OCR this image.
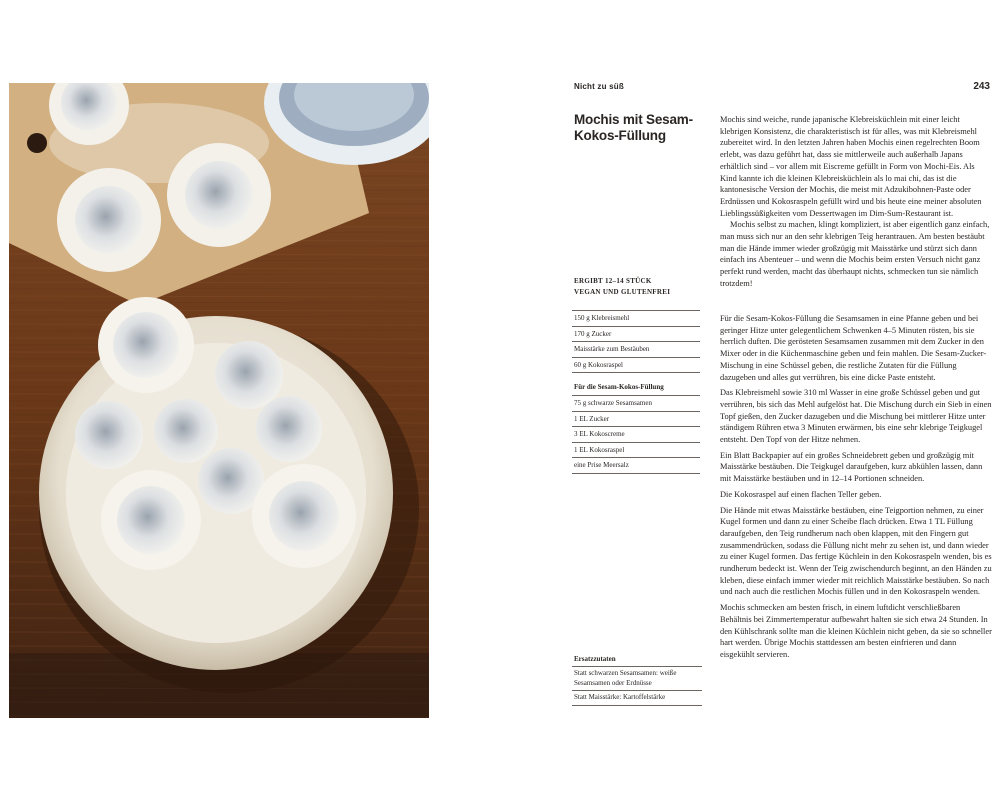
Nicht zu süß	243
Mochis mit Sesam-Kokos-Füllung

Mochis sind weiche, runde japanische Klebreisküchlein mit einer leicht klebrigen Konsistenz, die charakteristisch ist für alles, was mit Klebreismehl zubereitet wird. In den letzten Jahren haben Mochis einen regelrechten Boom erlebt, was dazu geführt hat, dass sie mittlerweile auch außerhalb Japans erhältlich sind – vor allem mit Eiscreme gefüllt in Form von Mochi-Eis. Als Kind kannte ich die kleinen Klebreisküchlein als lo mai chi, das ist die kantonesische Version der Mochis, die meist mit Adzukibohnen-Paste oder Erdnüssen und Kokosraspeln gefüllt wird und bis heute eine meiner absoluten Lieblingssüßigkeiten vom Dessertwagen im Dim-Sum-Restaurant ist.

Mochis selbst zu machen, klingt kompliziert, ist aber eigentlich ganz einfach, man muss sich nur an den sehr klebrigen Teig herantrauen. Am besten bestäubt man die Hände immer wieder großzügig mit Maisstärke und stürzt sich dann einfach ins Abenteuer – und wenn die Mochis beim ersten Versuch nicht ganz perfekt rund werden, macht das überhaupt nichts, schmecken tun sie nämlich trotzdem!

ERGIBT 12–14 STÜCK
VEGAN UND GLUTENFREI
150 g Klebreismehl
170 g Zucker
Maisstärke zum Bestäuben
60 g Kokosraspel
Für die Sesam-Kokos-Füllung
75 g schwarze Sesamsamen
1 EL Zucker
3 EL Kokoscreme
1 EL Kokosraspel
eine Prise Meersalz

Für die Sesam-Kokos-Füllung die Sesamsamen in eine Pfanne geben und bei geringer Hitze unter gelegentlichem Schwenken 4–5 Minuten rösten, bis sie herrlich duften. Die gerösteten Sesamsamen zusammen mit dem Zucker in den Mixer oder in die Küchenmaschine geben und fein mahlen. Die Sesam-Zucker-Mischung in eine Schüssel geben, die restliche Zutaten für die Füllung dazugeben und alles gut verrühren, bis eine dicke Paste entsteht.

Das Klebreismehl sowie 310 ml Wasser in eine große Schüssel geben und gut verrühren, bis sich das Mehl aufgelöst hat. Die Mischung durch ein Sieb in einen Topf gießen, den Zucker dazugeben und die Mischung bei mittlerer Hitze unter ständigem Rühren etwa 3 Minuten erwärmen, bis eine sehr klebrige Teigkugel entsteht. Den Topf von der Hitze nehmen.

Ein Blatt Backpapier auf ein großes Schneidebrett geben und großzügig mit Maisstärke bestäuben. Die Teigkugel daraufgeben, kurz abkühlen lassen, dann mit Maisstärke bestäuben und in 12–14 Portionen schneiden.

Die Kokosraspel auf einen flachen Teller geben.

Die Hände mit etwas Maisstärke bestäuben, eine Teigportion nehmen, zu einer Kugel formen und dann zu einer Scheibe flach drücken. Etwa 1 TL Füllung daraufgeben, den Teig rundherum nach oben klappen, mit den Fingern gut zusammendrücken, sodass die Füllung nicht mehr zu sehen ist, und dann wieder zu einer Kugel formen. Das fertige Küchlein in den Kokosraspeln wenden, bis es rundherum bedeckt ist. Wenn der Teig zwischendurch beginnt, an den Händen zu kleben, diese einfach immer wieder mit reichlich Maisstärke bestäuben. So nach und nach auch die restlichen Mochis füllen und in den Kokosraspeln wenden.

Mochis schmecken am besten frisch, in einem luftdicht verschließbaren Behältnis bei Zimmertemperatur aufbewahrt halten sie sich etwa 24 Stunden. In den Kühlschrank sollte man die kleinen Küchlein nicht geben, da sie so schneller hart werden. Übrige Mochis stattdessen am besten einfrieren und dann eisgekühlt servieren.

Ersatzzutaten
Statt schwarzen Sesamsamen: weiße Sesamsamen oder Erdnüsse
Statt Maisstärke: Kartoffelstärke
